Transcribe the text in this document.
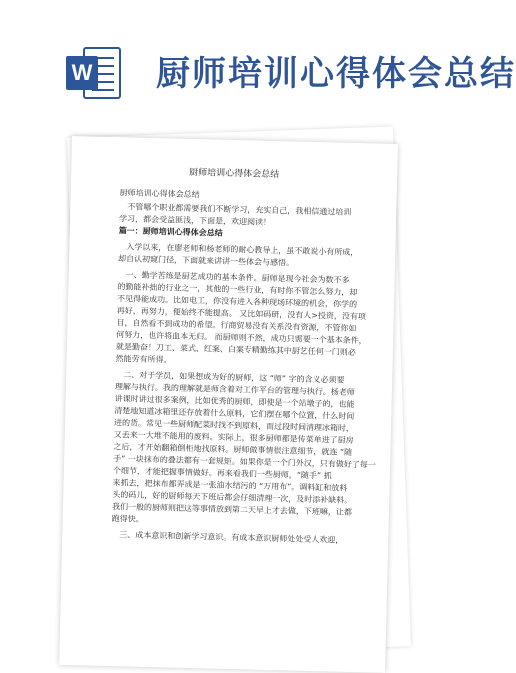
W 厨师培训心得体会总结
厨师培训心得体会总结
厨师培训心得体会总结
不管哪个职业都需要我们不断学习，充实自己，我相信通过培训
学习，都会受益匪浅，下面是，欢迎阅读！
篇一：厨师培训心得体会总结
入学以来，在廖老师和杨老师的耐心教导上，虽不敢说小有所成，
却自认初窥门径，下面就来讲讲一些体会与感悟。
一、勤学苦练是厨艺成功的基本条件。厨师是现今社会为数不多
的勤能补拙的行业之一，其他的一些行业，有时你不管怎么努力，却
不见得能成功。比如电工，你没有进入各种现场环境的机会，你学的
再好，再努力，便始终不能提高。 又比如码研，没有人>投资，没有项
目，自然看不到成功的希望。行商贸易没有关系没有资源，不管你如
何努力，也许将血本无归。 而厨师则不然，成功只需要一个基本条件，
就是勤奋！刀工、菜式、红案、白案专精勤练其中厨艺任何一门则必
然能劳有所得。
二、对于学员，如果想成为好的厨师，这 “师” 字的含义必须要
理解与执行。我的理解就是师含着对工作平台的管理与执行。杨老师
讲课时讲过很多案例，比如优秀的厨师，即使是一个站墩子的，也能
清楚地知道冰箱里还存放着什么原料，它们摆在哪个位置，什么时间
进的货。常见一些厨师配菜时找不到原料，而过段时间清理冰箱时，
又丢来一大堆不能用的废料。实际上，很多厨师都是传菜单进了厨房
之后，才开始翻箱倒柜地找原料。厨师做事情很注意细节，就连 “随
手” 一块抹布的叠法都有一套规矩。如果你是一个门外汉，只有做好了每一
个细节，才能把握事情做好。再来看我们一些厨师，“随手” 抓
来抓去，把抹布都弄成是一张油水结污的 “万用布”。调料缸和放料
头的码儿，好的厨师每天下班后都会仔细清理一次，及时添补缺料。
我们一般的厨师则把这等事情放到第二天早上才去做，下班嘛，让都
跑得快。
三、成本意识和创新学习意识。有成本意识厨师处处受人欢迎，
